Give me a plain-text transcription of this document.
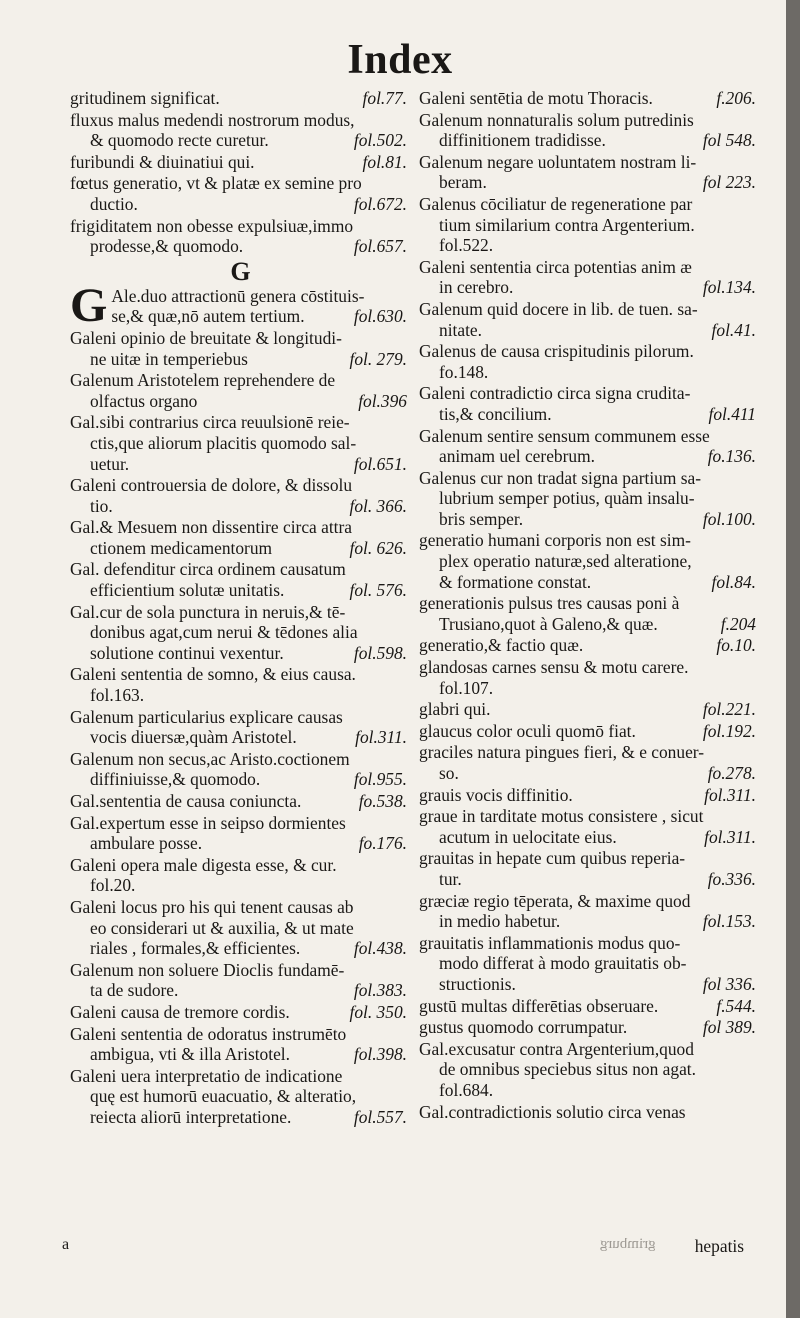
Index
gritudinem significat.	fol.77.
fluxus malus medendi nostrorum modus,
& quomodo recte curetur.	fol.502.
furibundi & diuinatiui qui.	fol.81.
fœtus generatio, vt & platæ ex semine pro
ductio.	fol.672.
frigiditatem non obesse expulsiuæ,immo
prodesse,& quomodo.	fol.657.
G
G Ale.duo attractionū genera cōstituis-
se,& quæ,nō autem tertium.	fol.630.
Galeni opinio de breuitate & longitudi-
ne uitæ in temperiebus	fol. 279.
Galenum Aristotelem reprehendere de
olfactus organo	fol.396
Gal.sibi contrarius circa reuulsionē reie-
ctis,que aliorum placitis quomodo sal-
uetur.	fol.651.
Galeni controuersia de dolore, & dissolu
tio.	fol. 366.
Gal.& Mesuem non dissentire circa attra
ctionem medicamentorum	fol. 626.
Gal. defenditur circa ordinem causatum
efficientium solutæ unitatis.	fol. 576.
Gal.cur de sola punctura in neruis,& tē-
donibus agat,cum nerui & tēdones alia
solutione continui vexentur.	fol.598.
Galeni sententia de somno, & eius causa.
fol.163.
Galenum particularius explicare causas
vocis diuersæ,quàm Aristotel.	fol.311.
Galenum non secus,ac Aristo.coctionem
diffiniuisse,& quomodo.	fol.955.
Gal.sententia de causa coniuncta.	fo.538.
Gal.expertum esse in seipso dormientes
ambulare posse.	fo.176.
Galeni opera male digesta esse, & cur.
fol.20.
Galeni locus pro his qui tenent causas ab
eo considerari ut & auxilia, & ut mate
riales , formales,& efficientes.	fol.438.
Galenum non soluere Dioclis fundamē-
ta de sudore.	fol.383.
Galeni causa de tremore cordis.	fol. 350.
Galeni sententia de odoratus instrumēto
ambigua, vti & illa Aristotel.	fol.398.
Galeni uera interpretatio de indicatione
quę est humorū euacuatio, & alteratio,
reiecta aliorū interpretatione.	fol.557.
Galeni sentētia de motu Thoracis.	f.206.
Galenum nonnaturalis solum putredinis
diffinitionem tradidisse.	fol 548.
Galenum negare uoluntatem nostram li-
beram.	fol 223.
Galenus cōciliatur de regeneratione par
tium similarium contra Argenterium.
fol.522.
Galeni sententia circa potentias anim æ
in cerebro.	fol.134.
Galenum quid docere in lib. de tuen. sa-
nitate.	fol.41.
Galenus de causa crispitudinis pilorum.
fo.148.
Galeni contradictio circa signa crudita-
tis,& concilium.	fol.411
Galenum sentire sensum communem esse
animam uel cerebrum.	fo.136.
Galenus cur non tradat signa partium sa-
lubrium semper potius, quàm insalu-
bris semper.	fol.100.
generatio humani corporis non est sim-
plex operatio naturæ,sed alteratione,
& formatione constat.	fol.84.
generationis pulsus tres causas poni à
Trusiano,quot à Galeno,& quæ.	f.204
generatio,& factio quæ.	fo.10.
glandosas carnes sensu & motu carere.
fol.107.
glabri qui.	fol.221.
glaucus color oculi quomō fiat.	fol.192.
graciles natura pingues fieri, & e conuer-
so.	fo.278.
grauis vocis diffinitio.	fol.311.
graue in tarditate motus consistere , sicut
acutum in uelocitate eius.	fol.311.
grauitas in hepate cum quibus reperia-
tur.	fo.336.
græciæ regio tēperata, & maxime quod
in medio habetur.	fol.153.
grauitatis inflammationis modus quo-
modo differat à modo grauitatis ob-
structionis.	fol 336.
gustū multas differētias obseruare.	f.544.
gustus quomodo corrumpatur.	fol 389.
Gal.excusatur contra Argenterium,quod
de omnibus speciebus situs non agat.
fol.684.
Gal.contradictionis solutio circa venas
a	grimburg hepatis
